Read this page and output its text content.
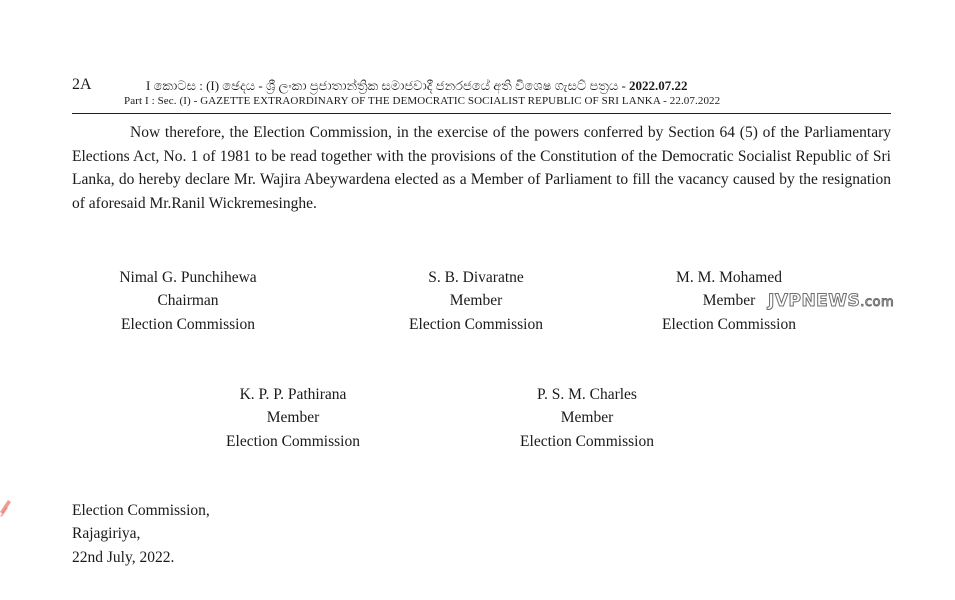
2A	I කොටස : (I) ඡෙදය - ශ්‍රී ලංකා ප්‍රජාතාන්ත්‍රික සමාජවාදී ජනරජයේ අති විශෙෂ ගැසට් පත්‍රය - 2022.07.22
Part I : Sec. (I) - GAZETTE EXTRAORDINARY OF THE DEMOCRATIC SOCIALIST REPUBLIC OF SRI LANKA - 22.07.2022
Now therefore, the Election Commission, in the exercise of the powers conferred by Section 64 (5) of the Parliamentary Elections Act, No. 1 of 1981 to be read together with the provisions of the Constitution of the Democratic Socialist Republic of Sri Lanka, do hereby declare Mr. Wajira Abeywardena elected as a Member of Parliament to fill the vacancy caused by the resignation of aforesaid Mr.Ranil Wickremesinghe.
Nimal G. Punchihewa
Chairman
Election Commission
S. B. Divaratne
Member
Election Commission
M. M. Mohamed
Member
Election Commission
JVPNEWS.com
K. P. P. Pathirana
Member
Election Commission
P. S. M. Charles
Member
Election Commission
Election Commission,
Rajagiriya,
22nd July, 2022.
